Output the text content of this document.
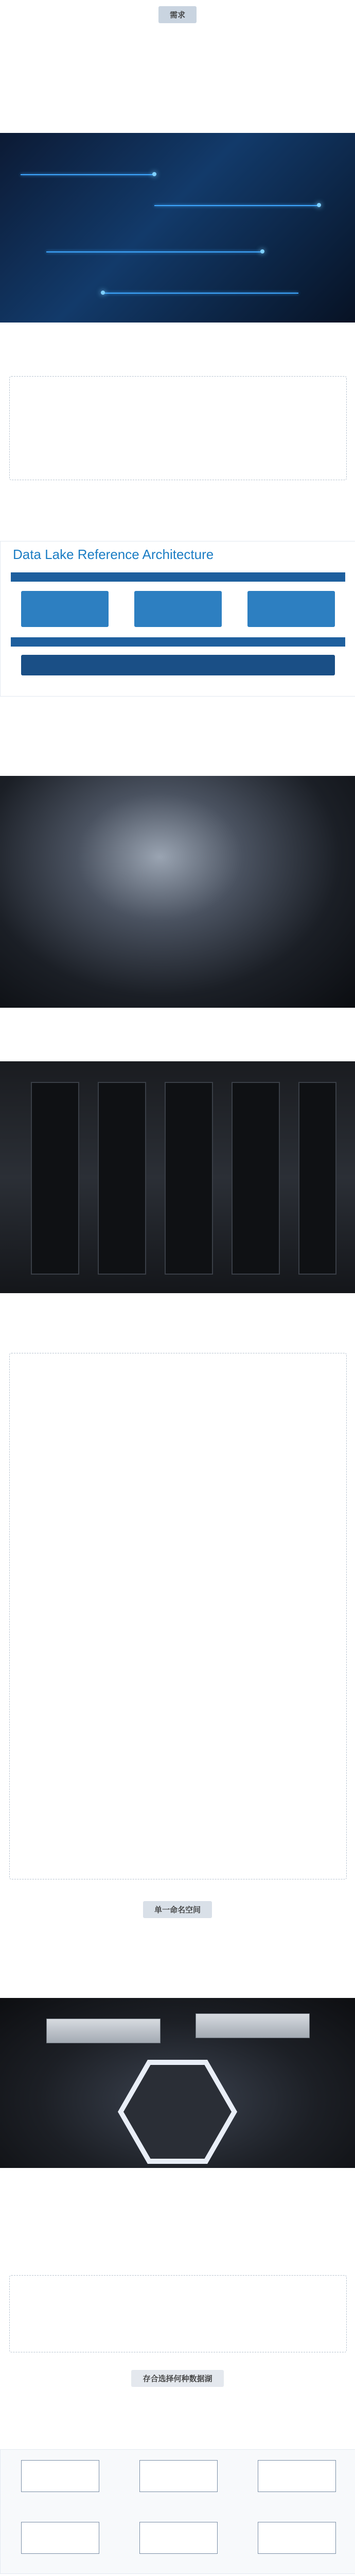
需求
Data Lake Reference Architecture
单一命名空间
存合选择何种数据湖
